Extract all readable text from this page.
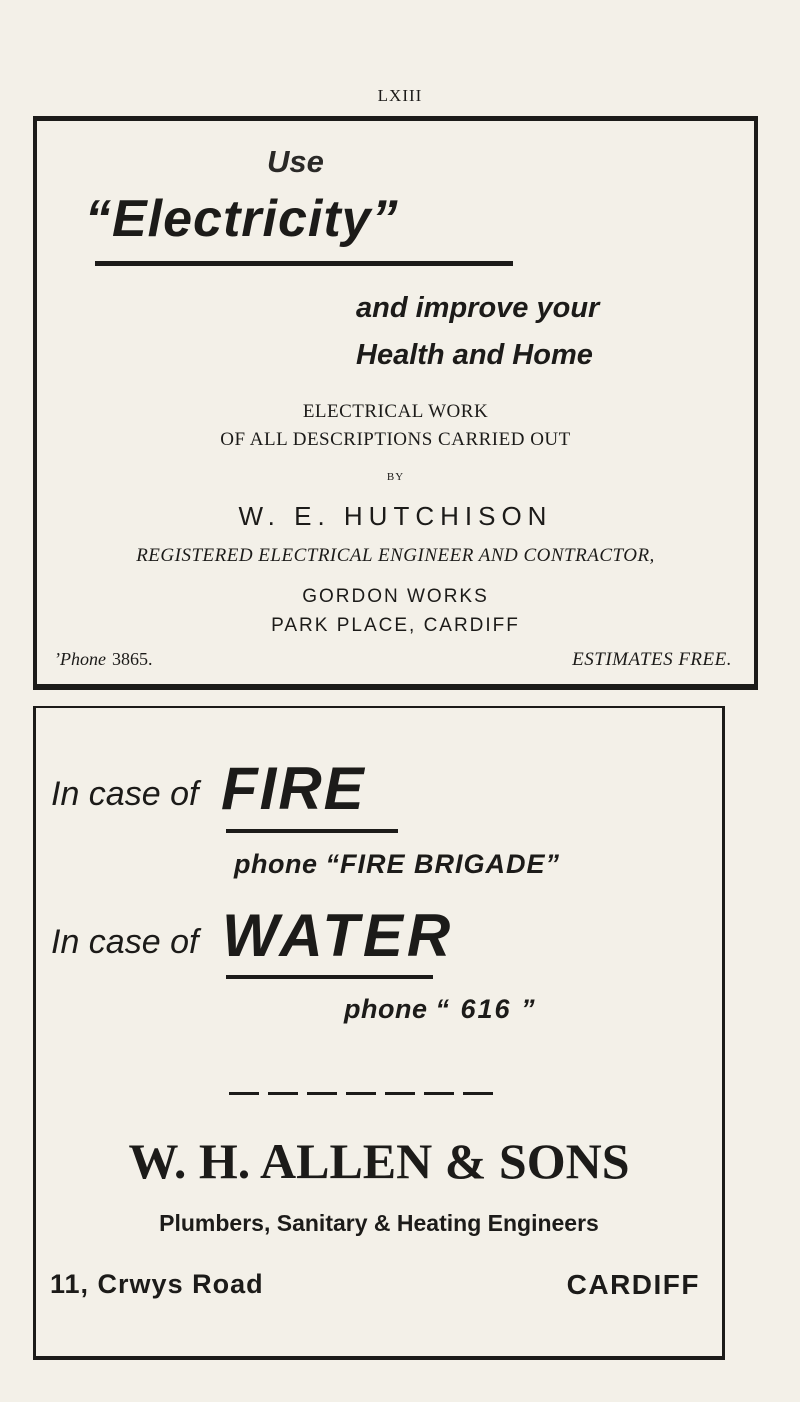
LXIII
Use
“Electricity”
and improve your
Health and Home
ELECTRICAL WORK
OF ALL DESCRIPTIONS CARRIED OUT
BY
W. E. HUTCHISON
REGISTERED ELECTRICAL ENGINEER AND CONTRACTOR,
GORDON WORKS
PARK PLACE, CARDIFF
’Phone 3865.	ESTIMATES FREE.
In case of FIRE
phone “FIRE BRIGADE”
In case of WATER
phone “ 616 ”
W. H. ALLEN & SONS
Plumbers, Sanitary & Heating Engineers
11, Crwys Road	CARDIFF
